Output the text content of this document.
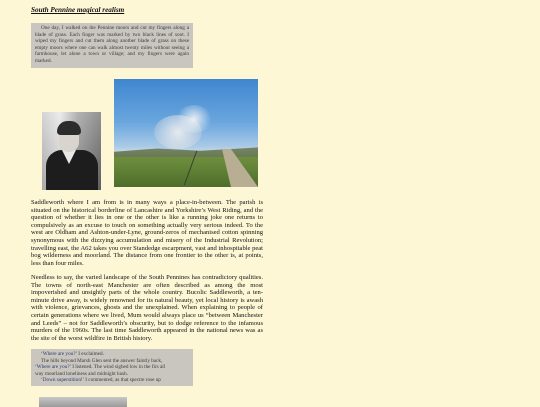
South Pennine magical realism

One day, I walked on the Pennine moors and cut my fingers along a blade of grass. Each finger was marked by two black lines of soot. I wiped my fingers and cut them along another blade of grass on these empty moors where one can walk almost twenty miles without seeing a farmhouse, let alone a town or village; and my fingers were again marked.

Saddleworth where I am from is in many ways a place-in-between. The parish is situated on the historical borderline of Lancashire and Yorkshire’s West Riding, and the question of whether it lies in one or the other is like a running joke one returns to compulsively as an excuse to touch on something actually very serious indeed. To the west are Oldham and Ashton-under-Lyne, ground-zeros of mechanised cotton spinning synonymous with the dizzying accumulation and misery of the Industrial Revolution; travelling east, the A62 takes you over Standedge escarpment, vast and inhospitable peat bog wilderness and moorland. The distance from one frontier to the other is, at points, less than four miles.

Needless to say, the varied landscape of the South Pennines has contradictory qualities. The towns of north-east Manchester are often described as among the most impoverished and unsightly parts of the whole country. Bucolic Saddleworth, a ten-minute drive away, is widely renowned for its natural beauty, yet local history is awash with violence, grievances, ghosts and the unexplained. When explaining to people of certain generations where we lived, Mum would always place us “between Manchester and Leeds” – not for Saddleworth’s obscurity, but to dodge reference to the infamous murders of the 1960s. The last time Saddleworth appeared in the national news was as the site of the worst wildfire in British history.

‘Where are you?’ I exclaimed.

The hills beyond Marsh Glen sent the answer faintly back,

‘Where are you?’ I listened. The wind sighed low in the firs all

way moorland loneliness and midnight hush.

‘Down superstition!’ I commented, as that spectre rose up
